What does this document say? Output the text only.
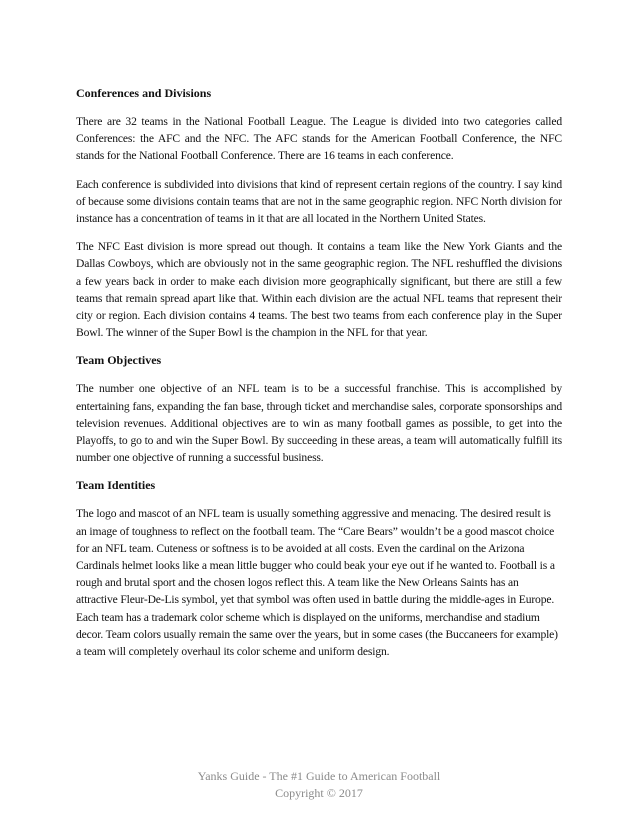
Conferences and Divisions

There are 32 teams in the National Football League. The League is divided into two categories called Conferences: the AFC and the NFC. The AFC stands for the American Football Conference, the NFC stands for the National Football Conference. There are 16 teams in each conference.

Each conference is subdivided into divisions that kind of represent certain regions of the country. I say kind of because some divisions contain teams that are not in the same geographic region. NFC North division for instance has a concentration of teams in it that are all located in the Northern United States.

The NFC East division is more spread out though. It contains a team like the New York Giants and the Dallas Cowboys, which are obviously not in the same geographic region. The NFL reshuffled the divisions a few years back in order to make each division more geographically significant, but there are still a few teams that remain spread apart like that. Within each division are the actual NFL teams that represent their city or region. Each division contains 4 teams. The best two teams from each conference play in the Super Bowl. The winner of the Super Bowl is the champion in the NFL for that year.

Team Objectives

The number one objective of an NFL team is to be a successful franchise. This is accomplished by entertaining fans, expanding the fan base, through ticket and merchandise sales, corporate sponsorships and television revenues. Additional objectives are to win as many football games as possible, to get into the Playoffs, to go to and win the Super Bowl. By succeeding in these areas, a team will automatically fulfill its number one objective of running a successful business.

Team Identities

The logo and mascot of an NFL team is usually something aggressive and menacing. The desired result is an image of toughness to reflect on the football team. The “Care Bears” wouldn’t be a good mascot choice for an NFL team. Cuteness or softness is to be avoided at all costs. Even the cardinal on the Arizona Cardinals helmet looks like a mean little bugger who could beak your eye out if he wanted to. Football is a rough and brutal sport and the chosen logos reflect this. A team like the New Orleans Saints has an attractive Fleur-De-Lis symbol, yet that symbol was often used in battle during the middle-ages in Europe. Each team has a trademark color scheme which is displayed on the uniforms, merchandise and stadium decor. Team colors usually remain the same over the years, but in some cases (the Buccaneers for example) a team will completely overhaul its color scheme and uniform design.

Yanks Guide - The #1 Guide to American Football
Copyright © 2017
